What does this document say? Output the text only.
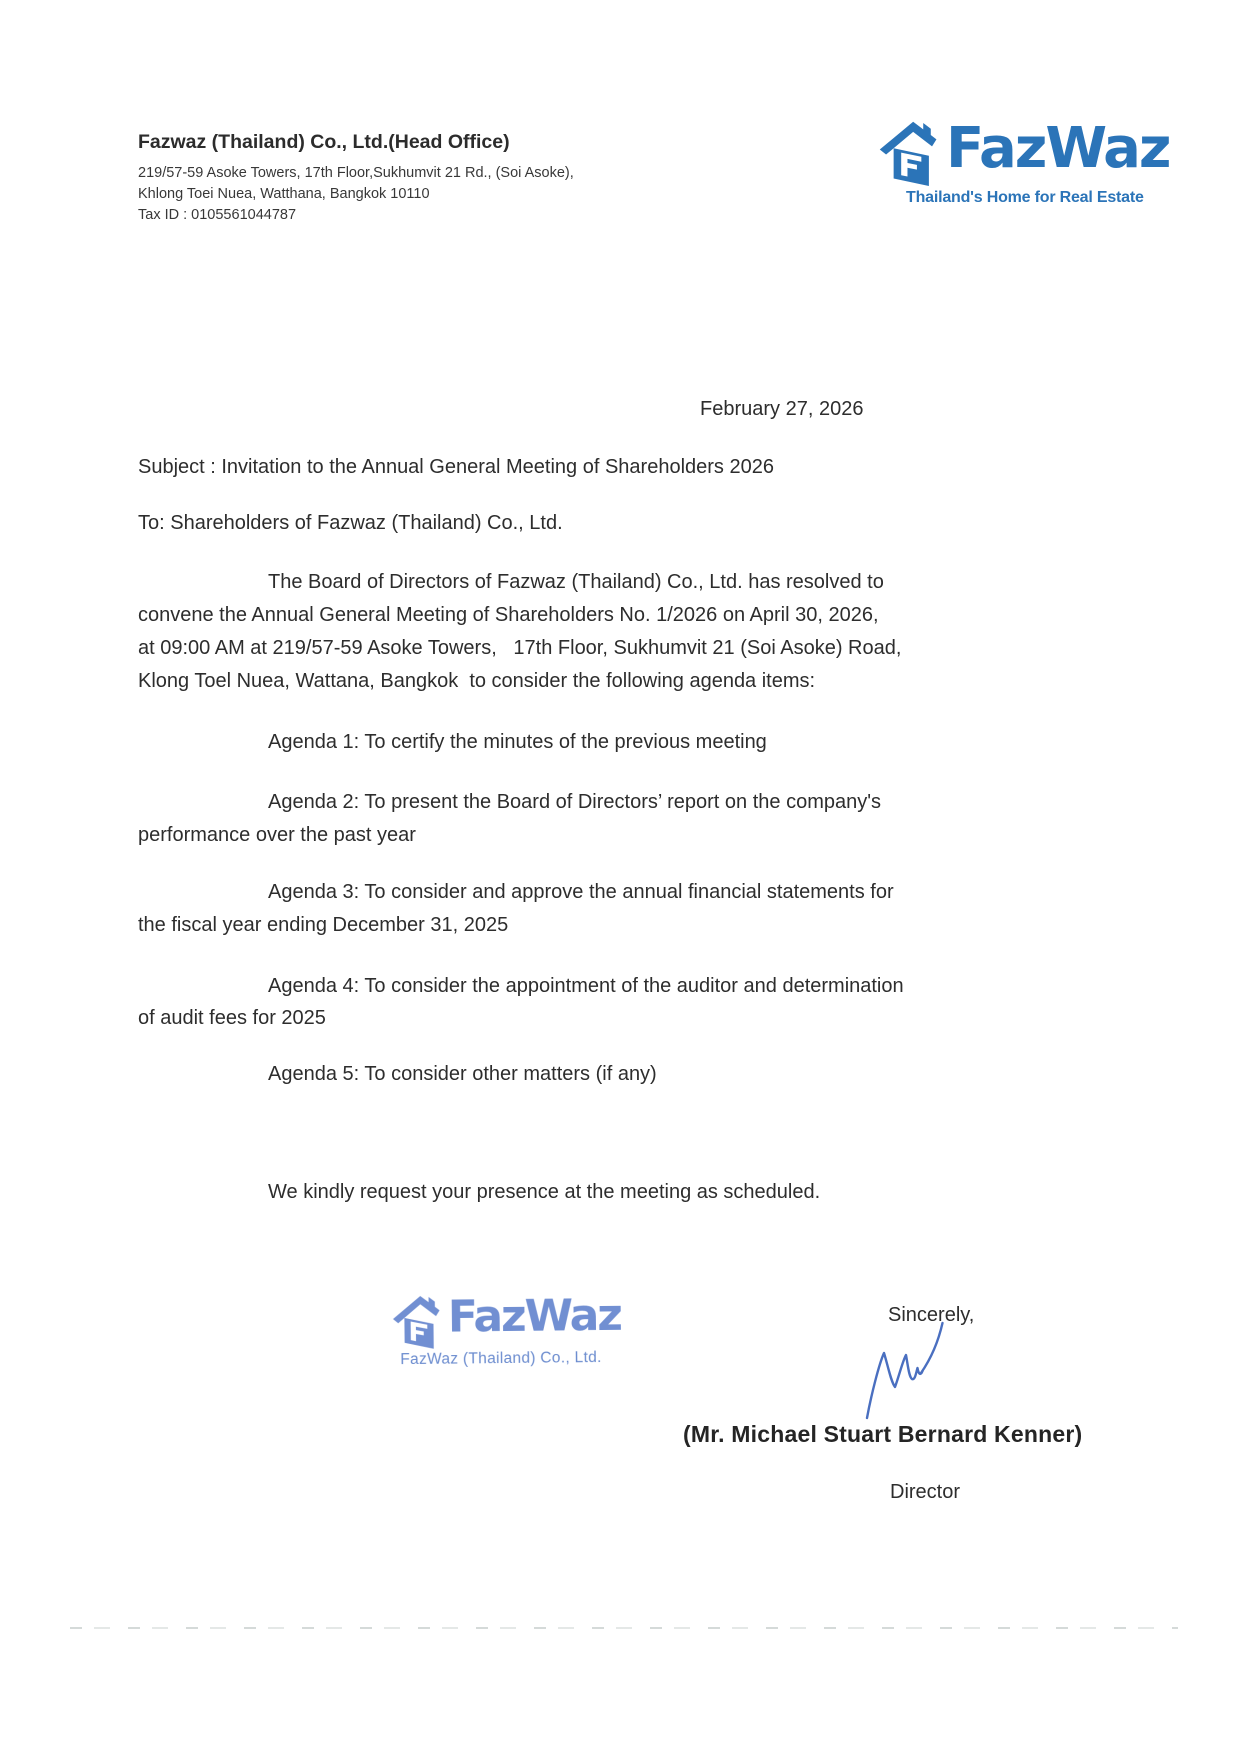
Fazwaz (Thailand) Co., Ltd.(Head Office)
219/57-59 Asoke Towers, 17th Floor,Sukhumvit 21 Rd., (Soi Asoke),
Khlong Toei Nuea, Watthana, Bangkok 10110
Tax ID : 0105561044787
FazWaz
Thailand's Home for Real Estate
February 27, 2026
Subject : Invitation to the Annual General Meeting of Shareholders 2026
To: Shareholders of Fazwaz (Thailand) Co., Ltd.
The Board of Directors of Fazwaz (Thailand) Co., Ltd. has resolved to
convene the Annual General Meeting of Shareholders No. 1/2026 on April 30, 2026,
at 09:00 AM at 219/57-59 Asoke Towers,   17th Floor, Sukhumvit 21 (Soi Asoke) Road,
Klong Toel Nuea, Wattana, Bangkok  to consider the following agenda items:
Agenda 1: To certify the minutes of the previous meeting
Agenda 2: To present the Board of Directors’ report on the company's
performance over the past year
Agenda 3: To consider and approve the annual financial statements for
the fiscal year ending December 31, 2025
Agenda 4: To consider the appointment of the auditor and determination
of audit fees for 2025
Agenda 5: To consider other matters (if any)
We kindly request your presence at the meeting as scheduled.
FazWaz
FazWaz (Thailand) Co., Ltd.
Sincerely,
(Mr. Michael Stuart Bernard Kenner)
Director
